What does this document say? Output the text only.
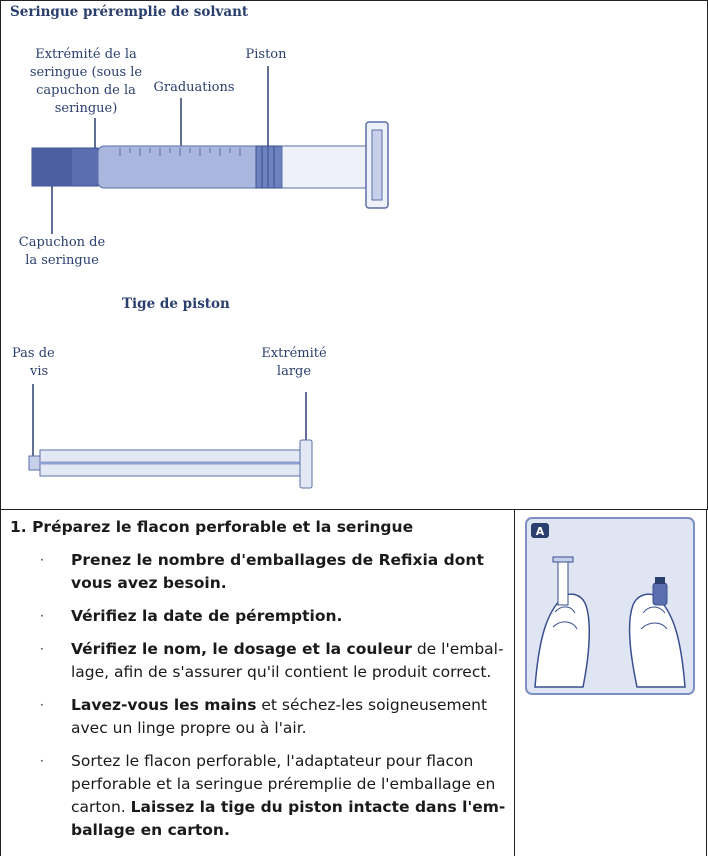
Seringue préremplie de solvant
Extrémité de la
seringue (sous le
capuchon de la
seringue)
Graduations
Piston
Capuchon de
la seringue
Tige de piston
Pas de
vis
Extrémité
large
1. Préparez le flacon perforable et la seringue
· Prenez le nombre d'emballages de Refixia dont vous avez besoin.
· Vérifiez la date de péremption.
· Vérifiez le nom, le dosage et la couleur de l'embal-lage, afin de s'assurer qu'il contient le produit correct.
· Lavez-vous les mains et séchez-les soigneusement avec un linge propre ou à l'air.
· Sortez le flacon perforable, l'adaptateur pour flacon perforable et la seringue préremplie de l'emballage en carton. Laissez la tige du piston intacte dans l'em-ballage en carton.
A
